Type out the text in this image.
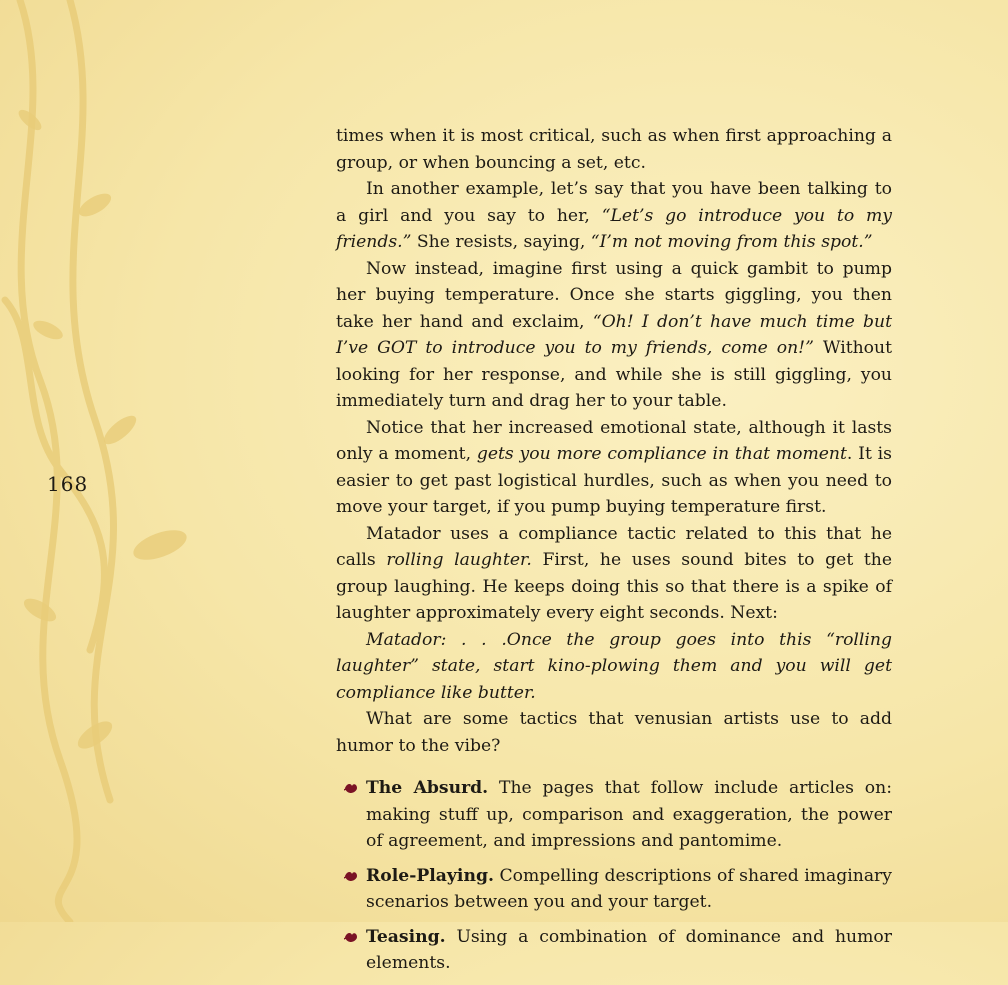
168

times when it is most critical, such as when first approaching a group, or when bouncing a set, etc.

In another example, let’s say that you have been talking to a girl and you say to her, “Let’s go introduce you to my friends.” She resists, saying, “I’m not moving from this spot.”

Now instead, imagine first using a quick gambit to pump her buying temperature. Once she starts giggling, you then take her hand and exclaim, “Oh! I don’t have much time but I’ve GOT to introduce you to my friends, come on!” Without looking for her response, and while she is still giggling, you immediately turn and drag her to your table.

Notice that her increased emotional state, although it lasts only a moment, gets you more compliance in that moment. It is easier to get past logistical hurdles, such as when you need to move your target, if you pump buying temperature first.

Matador uses a compliance tactic related to this that he calls rolling laughter. First, he uses sound bites to get the group laughing. He keeps doing this so that there is a spike of laughter approximately every eight seconds. Next:

Matador: . . .Once the group goes into this “rolling laughter” state, start kino-plowing them and you will get compliance like butter.

What are some tactics that venusian artists use to add humor to the vibe?

The Absurd. The pages that follow include articles on: making stuff up, comparison and exaggeration, the power of agreement, and impressions and pantomime.
Role-Playing. Compelling descriptions of shared imaginary scenarios between you and your target.
Teasing. Using a combination of dominance and humor elements.
